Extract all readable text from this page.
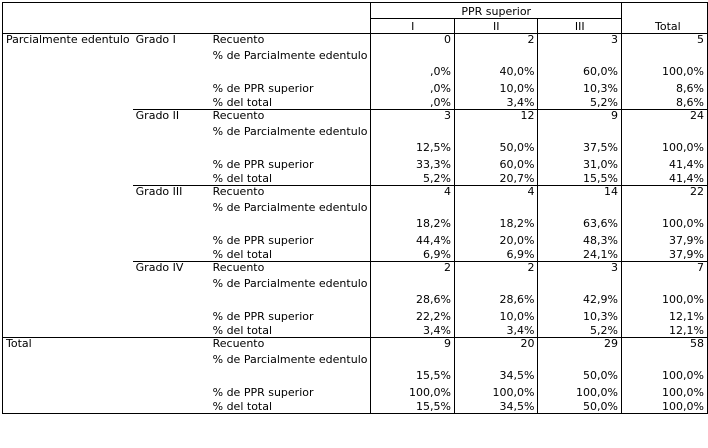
			PPR superior			Total
			I	II	III	
Parcialmente edentulo	Grado I	Recuento	0	2	3	5
		% de Parcialmente edentulo	,0%	40,0%	60,0%	100,0%
		% de PPR superior	,0%	10,0%	10,3%	8,6%
		% del total	,0%	3,4%	5,2%	8,6%
	Grado II	Recuento	3	12	9	24
		% de Parcialmente edentulo	12,5%	50,0%	37,5%	100,0%
		% de PPR superior	33,3%	60,0%	31,0%	41,4%
		% del total	5,2%	20,7%	15,5%	41,4%
	Grado III	Recuento	4	4	14	22
		% de Parcialmente edentulo	18,2%	18,2%	63,6%	100,0%
		% de PPR superior	44,4%	20,0%	48,3%	37,9%
		% del total	6,9%	6,9%	24,1%	37,9%
	Grado IV	Recuento	2	2	3	7
		% de Parcialmente edentulo	28,6%	28,6%	42,9%	100,0%
		% de PPR superior	22,2%	10,0%	10,3%	12,1%
		% del total	3,4%	3,4%	5,2%	12,1%
Total		Recuento	9	20	29	58
		% de Parcialmente edentulo	15,5%	34,5%	50,0%	100,0%
		% de PPR superior	100,0%	100,0%	100,0%	100,0%
		% del total	15,5%	34,5%	50,0%	100,0%
